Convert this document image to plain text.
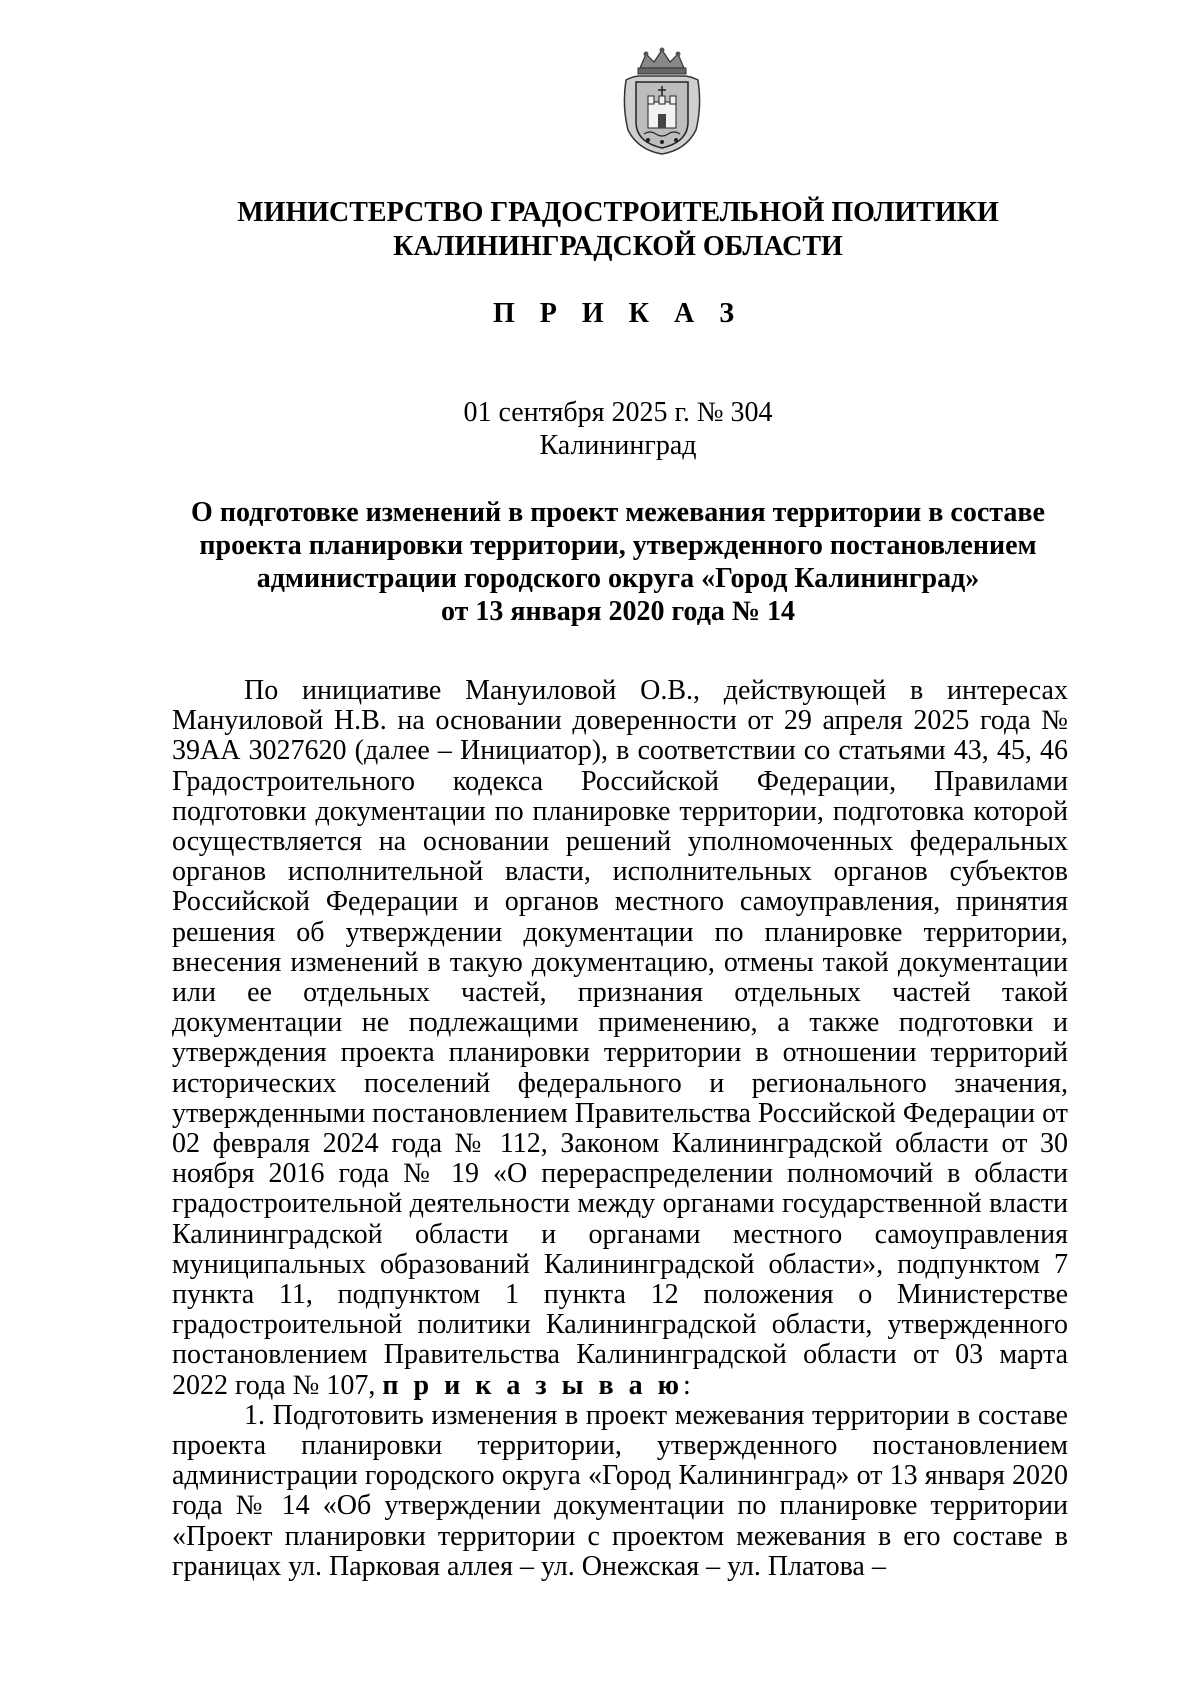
МИНИСТЕРСТВО ГРАДОСТРОИТЕЛЬНОЙ ПОЛИТИКИ
КАЛИНИНГРАДСКОЙ ОБЛАСТИ
П Р И К А З
01 сентября 2025 г. № 304
Калининград
О подготовке изменений в проект межевания территории в составе
проекта планировки территории, утвержденного постановлением
администрации городского округа «Город Калининград»
от 13 января 2020 года № 14

По инициативе Мануиловой О.В., действующей в интересах Мануиловой Н.В. на основании доверенности от 29 апреля 2025 года № 39АА 3027620 (далее – Инициатор), в соответствии со статьями 43, 45, 46 Градостроительного кодекса Российской Федерации, Правилами подготовки документации по планировке территории, подготовка которой осуществляется на основании решений уполномоченных федеральных органов исполнительной власти, исполнительных органов субъектов Российской Федерации и органов местного самоуправления, принятия решения об утверждении документации по планировке территории, внесения изменений в такую документацию, отмены такой документации или ее отдельных частей, признания отдельных частей такой документации не подлежащими применению, а также подготовки и утверждения проекта планировки территории в отношении территорий исторических поселений федерального и регионального значения, утвержденными постановлением Правительства Российской Федерации от 02 февраля 2024 года № 112, Законом Калининградской области от 30 ноября 2016 года № 19 «О перераспределении полномочий в области градостроительной деятельности между органами государственной власти Калининградской области и органами местного самоуправления муниципальных образований Калининградской области», подпунктом 7 пункта 11, подпунктом 1 пункта 12 положения о Министерстве градостроительной политики Калининградской области, утвержденного постановлением Правительства Калининградской области от 03 марта 2022 года № 107, п р и к а з ы в а ю:

1. Подготовить изменения в проект межевания территории в составе проекта планировки территории, утвержденного постановлением администрации городского округа «Город Калининград» от 13 января 2020 года № 14 «Об утверждении документации по планировке территории «Проект планировки территории с проектом межевания в его составе в границах ул. Парковая аллея – ул. Онежская – ул. Платова –
